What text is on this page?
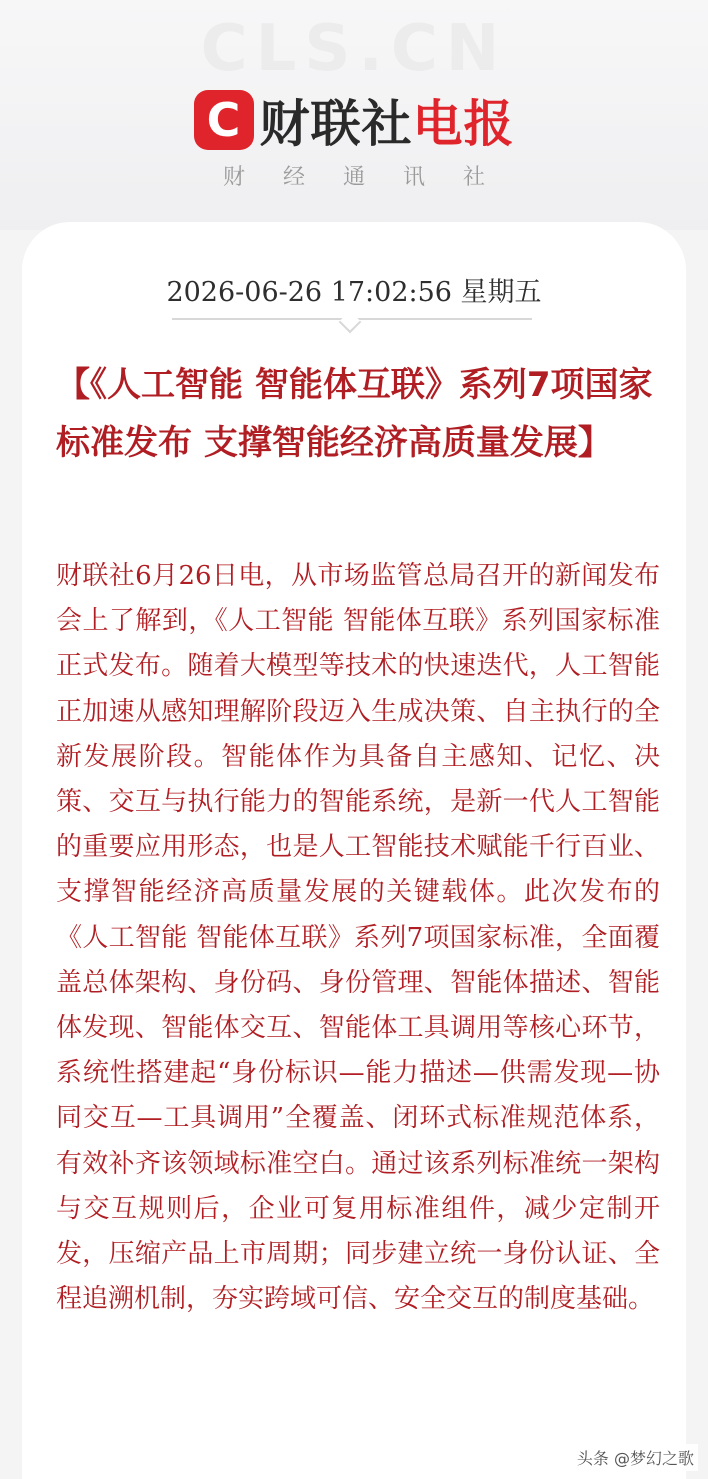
CLS.CN
C 财联社电报
财经通讯社
2026-06-26 17:02:56 星期五
【《人工智能 智能体互联》系列7项国家标准发布 支撑智能经济高质量发展】

财联社6月26日电，从市场监管总局召开的新闻发布会上了解到，《人工智能 智能体互联》系列国家标准正式发布。随着大模型等技术的快速迭代，人工智能正加速从感知理解阶段迈入生成决策、自主执行的全新发展阶段。智能体作为具备自主感知、记忆、决策、交互与执行能力的智能系统，是新一代人工智能的重要应用形态，也是人工智能技术赋能千行百业、支撑智能经济高质量发展的关键载体。此次发布的《人工智能 智能体互联》系列7项国家标准，全面覆盖总体架构、身份码、身份管理、智能体描述、智能体发现、智能体交互、智能体工具调用等核心环节，系统性搭建起“身份标识—能力描述—供需发现—协同交互—工具调用”全覆盖、闭环式标准规范体系，有效补齐该领域标准空白。通过该系列标准统一架构与交互规则后，企业可复用标准组件，减少定制开发，压缩产品上市周期；同步建立统一身份认证、全程追溯机制，夯实跨域可信、安全交互的制度基础。

头条 @梦幻之歌
